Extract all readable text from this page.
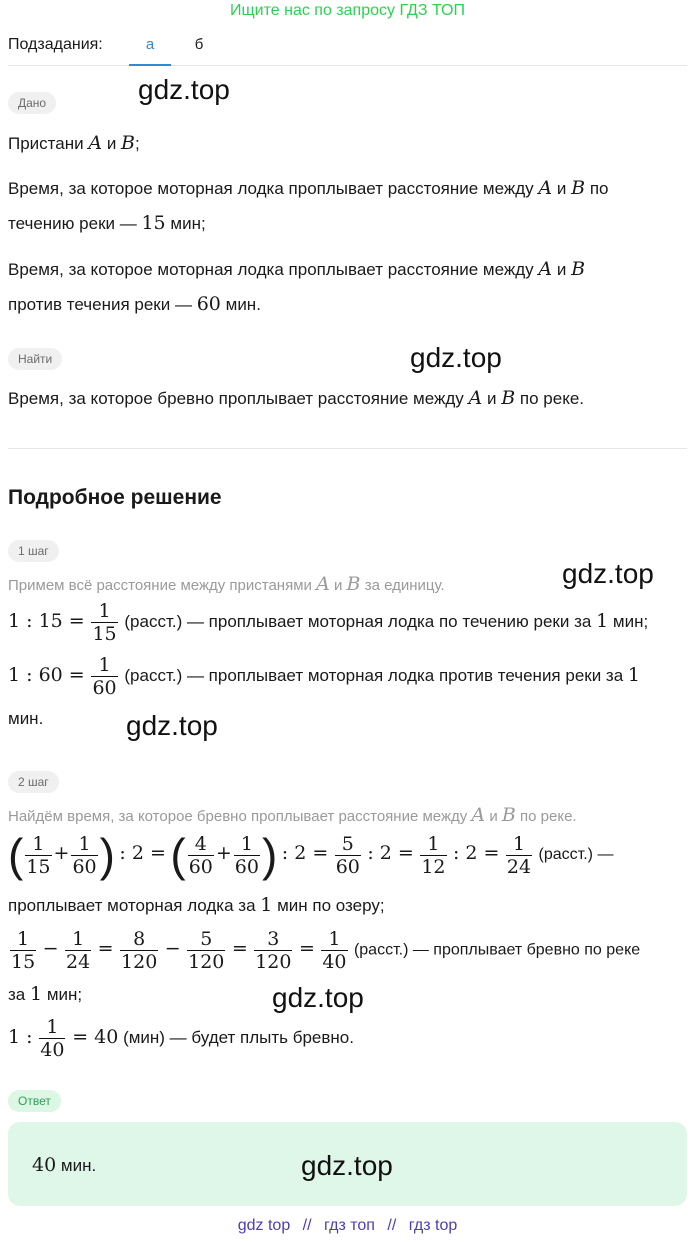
Ищите нас по запросу ГДЗ ТОП
Подзадания:	а	б
Дано	gdz.top
Пристани A и B;
Время, за которое моторная лодка проплывает расстояние между A и B по
течению реки — 15 мин;
Время, за которое моторная лодка проплывает расстояние между A и B
против течения реки — 60 мин.
Найти	gdz.top
Время, за которое бревно проплывает расстояние между A и B по реке.
Подробное решение
1 шаг
gdz.top
Примем всё расстояние между пристанями A и B за единицу.
1 : $15 = \frac{1}{15}$ (расст.) — проплывает моторная лодка по течению реки за 1 мин;
1 : $60 = \frac{1}{60}$ (расст.) — проплывает моторная лодка против течения реки за 1
мин.	gdz.top
2 шаг
Найдём время, за которое бревно проплывает расстояние между A и B по реке.
( $\frac{1}{15} + \frac{1}{60}$ ) : 2 = ( $\frac{4}{60} + \frac{1}{60}$ ) : $2 = \frac{5}{60}$ : $2 = \frac{1}{12}$ : $2 = \frac{1}{24}$ (расст.) —
проплывает моторная лодка за 1 мин по озеру;
$\frac{1}{15} - \frac{1}{24} = \frac{8}{120} - \frac{5}{120} = \frac{3}{120} = \frac{1}{40}$ (расст.) — проплывает бревно по реке
за 1 мин;	gdz.top
1 : $\frac{1}{40} = 40$ (мин) — будет плыть бревно.
Ответ
40 мин.	gdz.top
gdz top // гдз топ // гдз top
